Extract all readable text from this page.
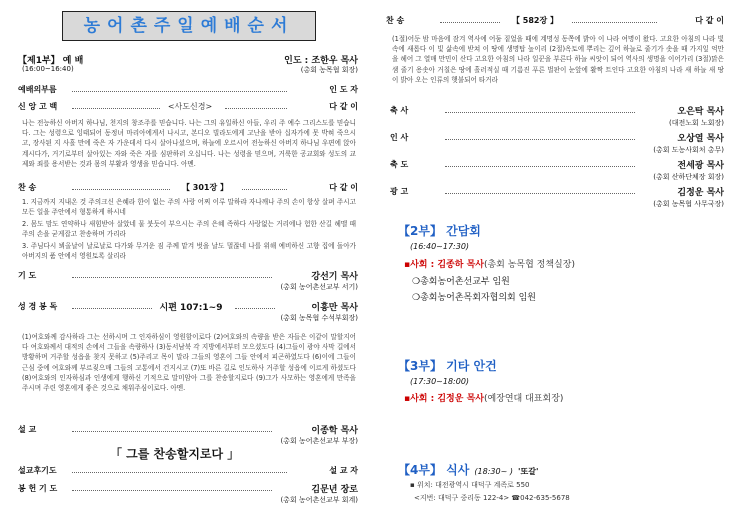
농어촌주일예배순서
【제1부】 예 배
(16:00~16:40)
인도 : 조한우 목사
(총회 농목협 회장)
예배의부름	인 도 자
신 앙 고 백	<사도신경>	다 같 이
나는 전능하신 아버지 하나님, 천지의 창조주를 믿습니다. 나는 그의 유일하신 아들, 우리 주 예수 그리스도를 믿습니다. 그는 성령으로 잉태되어 동정녀 마리아에게서 나시고, 본디오 빌라도에게 고난을 받아 십자가에 못 박혀 죽으시고, 장사된 지 사흘 만에 죽은 자 가운데서 다시 살아나셨으며, 하늘에 오르시어 전능하신 아버지 하나님 우편에 앉아 계시다가, 거기로부터 살아있는 자와 죽은 자를 심판하러 오십니다. 나는 성령을 믿으며, 거룩한 공교회와 성도의 교제와 죄를 용서받는 것과 몸의 부활과 영생을 믿습니다. 아멘.
찬 송	【 301장 】	다 같 이
1. 지금까지 지내온 것 주의크신 은혜라 한이 없는 주의 사랑 어찌 이루 말하랴 자나깨나 주의 손이 항상 살펴 주시고 모든 일을 주안에서 형통하게 하시네
2. 몸도 맘도 연약하나 새힘받아 살았네 물 붓듯이 부으시는 주의 은혜 족하다 사랑없는 거리에나 험한 산길 헤맬 때 주의 손을 굳게잡고 찬송하며 가리라
3. 주님다시 뵈올날이 날로날로 다가와 무거운 짐 주께 맡겨 벗을 날도 멀잖네 나를 위해 예비하신 고향 집에 돌아가 아버지의 품 안에서 영원토록 살리라
기 도	강선기 목사
(총회 농어촌선교부 서기)
성 경 봉 독	시편 107:1~9	이흥만 목사
(총회 농목협 수석부회장)
(1)여호와께 감사하라 그는 선하시며 그 인자하심이 영원함이로다 (2)여호와의 속량을 받은 자들은 이같이 말할지어다 여호와께서 대적의 손에서 그들을 속량하사 (3)동서남북 각 지방에서부터 모으셨도다 (4)그들이 광야 사막 길에서 방황하며 거주할 성읍을 찾지 못하고 (5)주리고 목이 말라 그들의 영혼이 그들 안에서 피곤하였도다 (6)이에 그들이 근심 중에 여호와께 부르짖으매 그들의 고통에서 건지시고 (7)또 바른 길로 인도하사 거주할 성읍에 이르게 하셨도다 (8)여호와의 인자하심과 인생에게 행하신 기적으로 말미암아 그를 찬송할지로다 (9)그가 사모하는 영혼에게 만족을 주시며 주린 영혼에게 좋은 것으로 채워주심이로다. 아멘.
설 교	이종학 목사
(총회 농어촌선교부 부장)
「 그를 찬송할지로다 」
설교후기도	설 교 자
봉 헌 기 도	김문년 장로
(총회 농어촌선교부 회계)
찬 송	【 582장 】	다 같 이
(1절)어둔 밤 마음에 잠겨 역사에 어둠 짙었을 때에 계명성 동쪽에 밝아 이 나라 여명이 왔다. 고요한 아침의 나라 빛 속에 새롭다 이 빛 삶속에 받쳐 이 땅에 생명탑 높이리 (2절)옥토에 뿌리는 깊어 하늘로 줄기가 솟을 때 가지잎 억만을 헤어 그 열매 만민이 산다 고요한 아침의 나라 일꾼을 부른다 하늘 씨앗이 되어 역사의 생명을 이어가리 (3절)맑은 샘 줄기 용솟아 거칠은 땅에 흘러적실 때 기름진 푸른 벌판이 눈앞에 활짝 트인다 고요한 아침의 나라 새 하늘 새 땅이 밝아 오는 인류의 햇불되어 타거라
축 사	오은탁 목사
(대전노회 노회장)
인 사	오상열 목사
(총회 도농사회처 총무)
축 도	전세광 목사
(총회 산하단체장 회장)
광 고	김정운 목사
(총회 농목협 사무국장)
【2부】 간담회
(16:40~17:30)
▪사회 : 김종하 목사(총회 농목협 정책실장)
❍총회농어촌선교부 임원
❍총회농어촌목회자협의회 임원
【3부】 기타 안건
(17:30~18:00)
▪사회 : 김정운 목사(예장연대 대표회장)
【4부】 식사 (18:30~ ) '또갈'
▪ 위치: 대전광역시 대덕구 계족로 550
<지번: 대덕구 중리동 122-4> ☎042-635-5678
